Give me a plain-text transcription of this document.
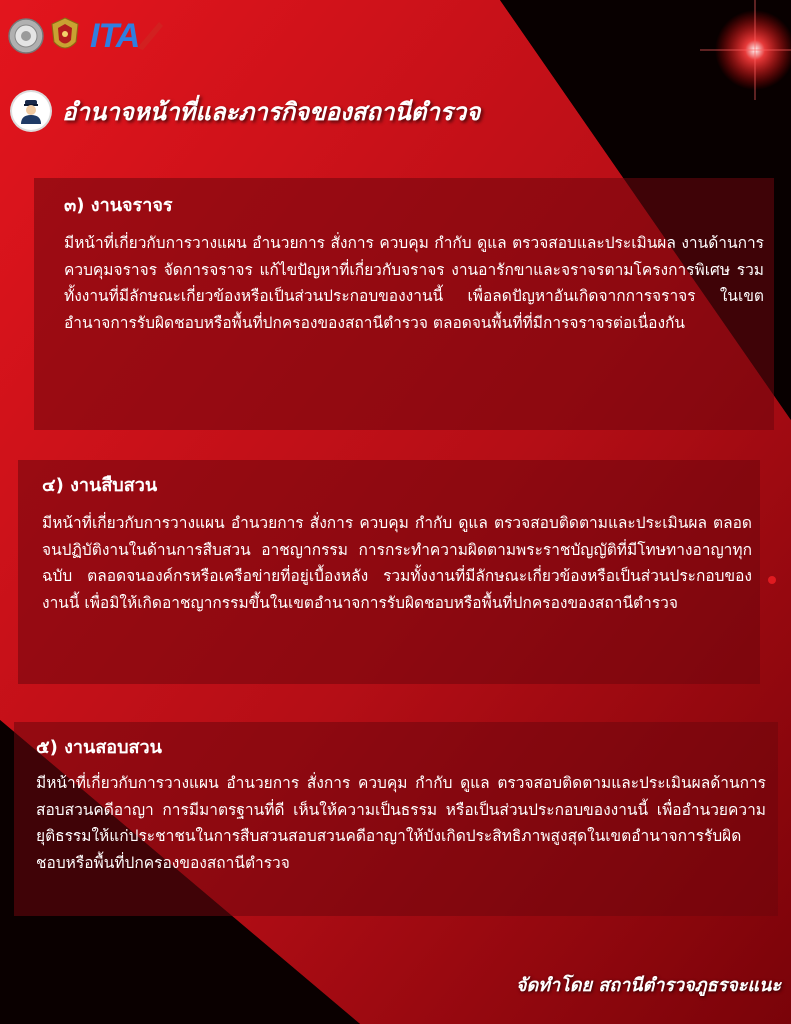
ITA
อำนาจหน้าที่และภารกิจของสถานีตำรวจ
๓) งานจราจร

มีหน้าที่เกี่ยวกับการวางแผน อำนวยการ สั่งการ ควบคุม กำกับ ดูแล ตรวจสอบและประเมินผล งานด้านการควบคุมจราจร จัดการจราจร แก้ไขปัญหาที่เกี่ยวกับจราจร งานอารักขาและจราจรตามโครงการพิเศษ รวมทั้งงานที่มีลักษณะเกี่ยวข้องหรือเป็นส่วนประกอบของงานนี้ เพื่อลดปัญหาอันเกิดจากการจราจร ในเขตอำนาจการรับผิดชอบหรือพื้นที่ปกครองของสถานีตำรวจ ตลอดจนพื้นที่ที่มีการจราจรต่อเนื่องกัน

๔) งานสืบสวน

มีหน้าที่เกี่ยวกับการวางแผน อำนวยการ สั่งการ ควบคุม กำกับ ดูแล ตรวจสอบติดตามและประเมินผล ตลอดจนปฏิบัติงานในด้านการสืบสวน อาชญากรรม การกระทำความผิดตามพระราชบัญญัติที่มีโทษทางอาญาทุกฉบับ ตลอดจนองค์กรหรือเครือข่ายที่อยู่เบื้องหลัง รวมทั้งงานที่มีลักษณะเกี่ยวข้องหรือเป็นส่วนประกอบของงานนี้ เพื่อมิให้เกิดอาชญากรรมขึ้นในเขตอำนาจการรับผิดชอบหรือพื้นที่ปกครองของสถานีตำรวจ

๕) งานสอบสวน

มีหน้าที่เกี่ยวกับการวางแผน อำนวยการ สั่งการ ควบคุม กำกับ ดูแล ตรวจสอบติดตามและประเมินผลด้านการสอบสวนคดีอาญา การมีมาตรฐานที่ดี เห็นให้ความเป็นธรรม หรือเป็นส่วนประกอบของงานนี้ เพื่ออำนวยความยุติธรรมให้แก่ประชาชนในการสืบสวนสอบสวนคดีอาญาให้บังเกิดประสิทธิภาพสูงสุดในเขตอำนาจการรับผิดชอบหรือพื้นที่ปกครองของสถานีตำรวจ

จัดทำโดย สถานีตำรวจภูธรจะแนะ
